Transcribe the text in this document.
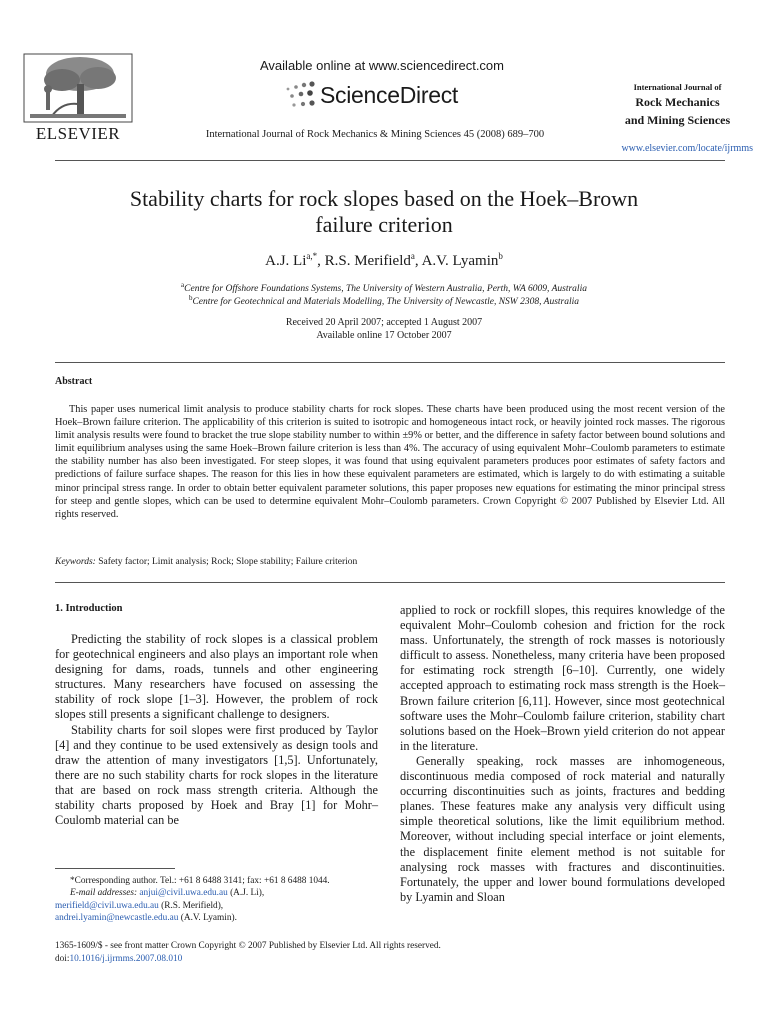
ELSEVIER
Available online at www.sciencedirect.com
ScienceDirect
International Journal of Rock Mechanics & Mining Sciences 45 (2008) 689–700
International Journal of
Rock Mechanics
and Mining Sciences
www.elsevier.com/locate/ijrmms
Stability charts for rock slopes based on the Hoek–Brown
failure criterion
A.J. $Li^{a,*}$, R.S. Merifield$^a$, A.V. Lyamin$^b$
$^a$Centre for Offshore Foundations Systems, The University of Western Australia, Perth, WA 6009, Australia
$^b$Centre for Geotechnical and Materials Modelling, The University of Newcastle, NSW 2308, Australia
Received 20 April 2007; accepted 1 August 2007
Available online 17 October 2007
Abstract
This paper uses numerical limit analysis to produce stability charts for rock slopes. These charts have been produced using the most recent version of the Hoek–Brown failure criterion. The applicability of this criterion is suited to isotropic and homogeneous intact rock, or heavily jointed rock masses. The rigorous limit analysis results were found to bracket the true slope stability number to within ±9% or better, and the difference in safety factor between bound solutions and limit equilibrium analyses using the same Hoek–Brown failure criterion is less than 4%. The accuracy of using equivalent Mohr–Coulomb parameters to estimate the stability number has also been investigated. For steep slopes, it was found that using equivalent parameters produces poor estimates of safety factors and predictions of failure surface shapes. The reason for this lies in how these equivalent parameters are estimated, which is largely to do with estimating a suitable minor principal stress range. In order to obtain better equivalent parameter solutions, this paper proposes new equations for estimating the minor principal stress for steep and gentle slopes, which can be used to determine equivalent Mohr–Coulomb parameters. Crown Copyright © 2007 Published by Elsevier Ltd. All rights reserved.
Keywords: Safety factor; Limit analysis; Rock; Slope stability; Failure criterion
1. Introduction

Predicting the stability of rock slopes is a classical problem for geotechnical engineers and also plays an important role when designing for dams, roads, tunnels and other engineering structures. Many researchers have focused on assessing the stability of rock slope [1–3]. However, the problem of rock slopes still presents a significant challenge to designers.

Stability charts for soil slopes were first produced by Taylor [4] and they continue to be used extensively as design tools and draw the attention of many investigators [1,5]. Unfortunately, there are no such stability charts for rock slopes in the literature that are based on rock mass strength criteria. Although the stability charts proposed by Hoek and Bray [1] for Mohr–Coulomb material can be

applied to rock or rockfill slopes, this requires knowledge of the equivalent Mohr–Coulomb cohesion and friction for the rock mass. Unfortunately, the strength of rock masses is notoriously difficult to assess. Nonetheless, many criteria have been proposed for estimating rock strength [6–10]. Currently, one widely accepted approach to estimating rock mass strength is the Hoek–Brown failure criterion [6,11]. However, since most geotechnical software uses the Mohr–Coulomb failure criterion, stability chart solutions based on the Hoek–Brown yield criterion do not appear in the literature.

Generally speaking, rock masses are inhomogeneous, discontinuous media composed of rock material and naturally occurring discontinuities such as joints, fractures and bedding planes. These features make any analysis very difficult using simple theoretical solutions, like the limit equilibrium method. Moreover, without including special interface or joint elements, the displacement finite element method is not suitable for analysing rock masses with fractures and discontinuities. Fortunately, the upper and lower bound formulations developed by Lyamin and Sloan

*Corresponding author. Tel.: +61 8 6488 3141; fax: +61 8 6488 1044.
E-mail addresses: anjui@civil.uwa.edu.au (A.J. Li),
merifield@civil.uwa.edu.au (R.S. Merifield),
andrei.lyamin@newcastle.edu.au (A.V. Lyamin).
1365-1609/$ - see front matter Crown Copyright © 2007 Published by Elsevier Ltd. All rights reserved.
doi:10.1016/j.ijrmms.2007.08.010
